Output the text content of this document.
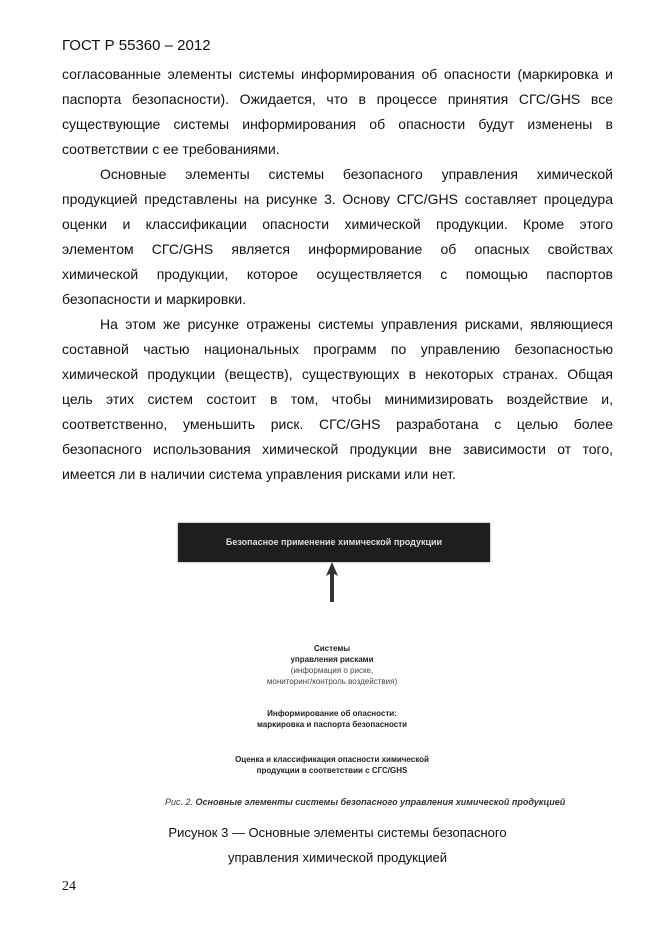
ГОСТ Р 55360 – 2012
согласованные элементы системы информирования об опасности (маркировка и
паспорта безопасности). Ожидается, что в процессе принятия СГС/GHS все
существующие системы информирования об опасности будут изменены в
соответствии с ее требованиями.
Основные элементы системы безопасного управления химической
продукцией представлены на рисунке 3. Основу СГС/GHS составляет процедура
оценки и классификации опасности химической продукции. Кроме этого
элементом СГС/GHS является информирование об опасных свойствах
химической продукции, которое осуществляется с помощью паспортов
безопасности и маркировки.
На этом же рисунке отражены системы управления рисками, являющиеся
составной частью национальных программ по управлению безопасностью
химической продукции (веществ), существующих в некоторых странах. Общая
цель этих систем состоит в том, чтобы минимизировать воздействие и,
соответственно, уменьшить риск. СГС/GHS разработана с целью более
безопасного использования химической продукции вне зависимости от того,
имеется ли в наличии система управления рисками или нет.
Безопасное применение химической продукции
Системы
управления рисками
(информация о риске,
мониторинг/контроль воздействия)
Информирование об опасности:
маркировка и паспорта безопасности
Оценка и классификация опасности химической
продукции в соответствии с СГС/GHS
Рис. 2. Основные элементы системы безопасного управления химической продукцией
Рисунок 3 — Основные элементы системы безопасного
управления химической продукцией
24
